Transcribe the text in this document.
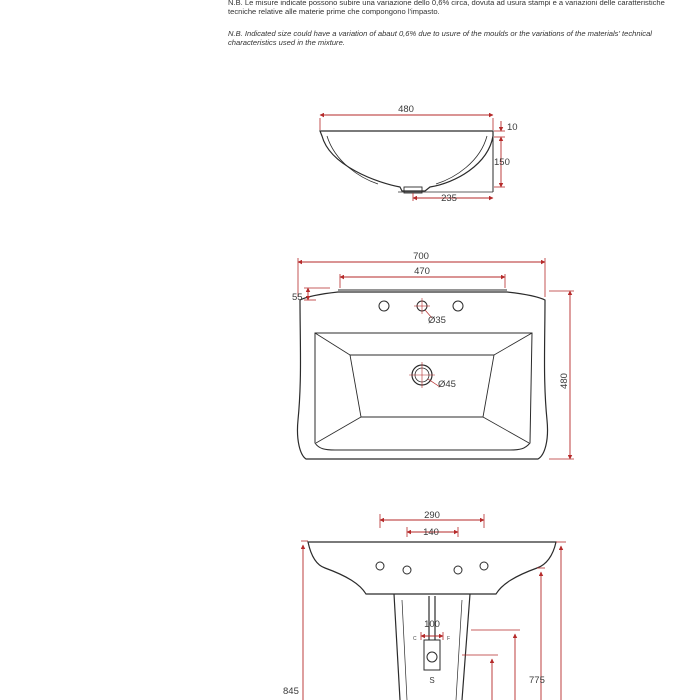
N.B. Le misure indicate possono subire una variazione dello 0,6% circa, dovuta ad usura stampi e a variazioni delle caratteristiche tecniche relative alle materie prime che compongono l'impasto.

N.B. Indicated size could have a variation of abaut 0,6% due to usure of the moulds or the variations of the materials' technical characteristics used in the mixture.

480
10
150
235
700
470
Ø35
Ø45
55
480
290
140
S
100
C	F
845
775
